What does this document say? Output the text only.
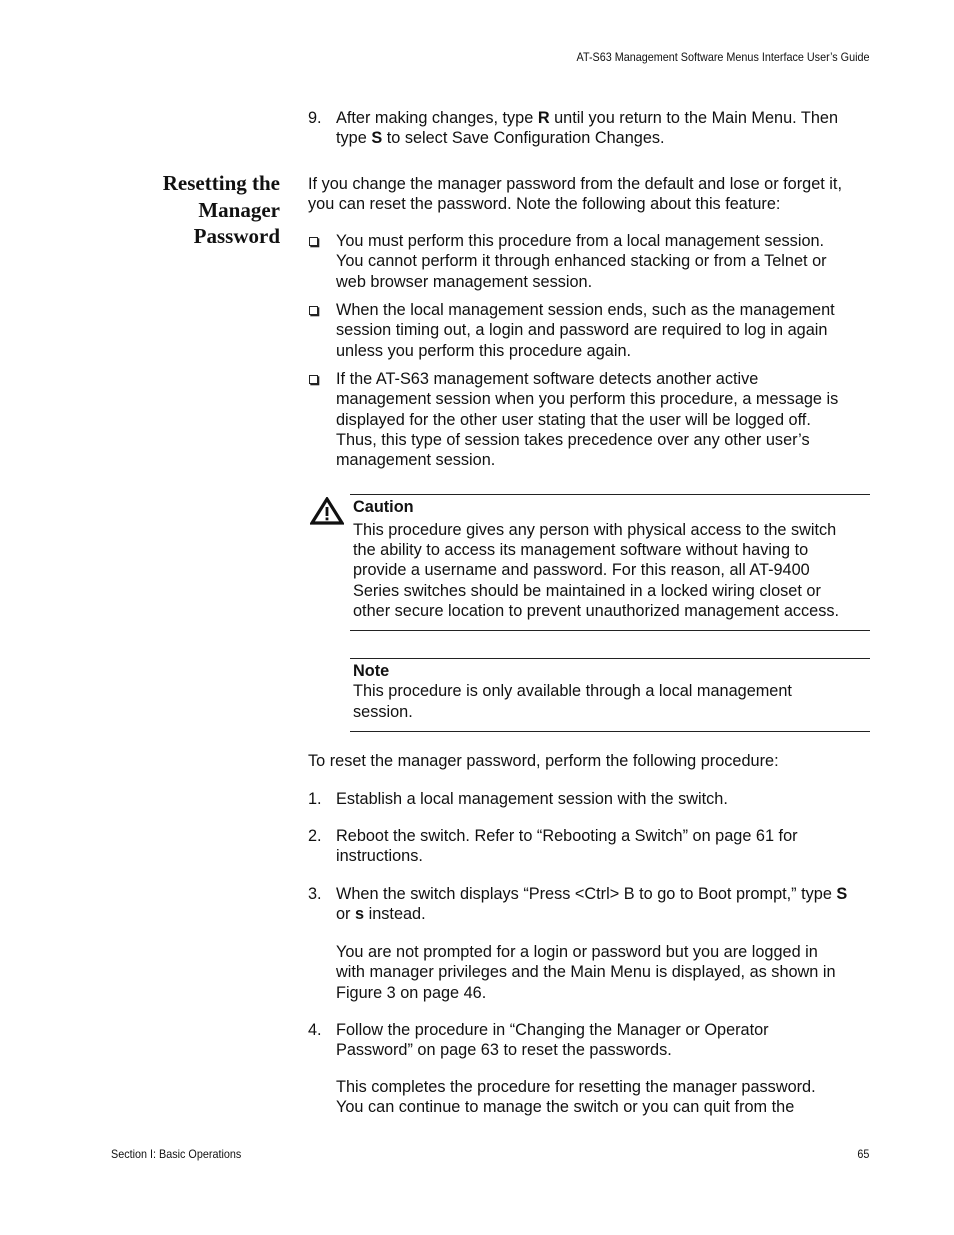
AT-S63 Management Software Menus Interface User’s Guide
9. After making changes, type R until you return to the Main Menu. Then
type S to select Save Configuration Changes.
Resetting the
Manager
Password
If you change the manager password from the default and lose or forget it,
you can reset the password. Note the following about this feature:
You must perform this procedure from a local management session.
You cannot perform it through enhanced stacking or from a Telnet or
web browser management session.
When the local management session ends, such as the management
session timing out, a login and password are required to log in again
unless you perform this procedure again.
If the AT-S63 management software detects another active
management session when you perform this procedure, a message is
displayed for the other user stating that the user will be logged off.
Thus, this type of session takes precedence over any other user’s
management session.
Caution
This procedure gives any person with physical access to the switch
the ability to access its management software without having to
provide a username and password. For this reason, all AT-9400
Series switches should be maintained in a locked wiring closet or
other secure location to prevent unauthorized management access.
Note
This procedure is only available through a local management
session.
To reset the manager password, perform the following procedure:
1. Establish a local management session with the switch.
2. Reboot the switch. Refer to “Rebooting a Switch” on page 61 for
instructions.
3. When the switch displays “Press <Ctrl> B to go to Boot prompt,” type S
or s instead.
You are not prompted for a login or password but you are logged in
with manager privileges and the Main Menu is displayed, as shown in
Figure 3 on page 46.
4. Follow the procedure in “Changing the Manager or Operator
Password” on page 63 to reset the passwords.
This completes the procedure for resetting the manager password.
You can continue to manage the switch or you can quit from the
Section I: Basic Operations	65
